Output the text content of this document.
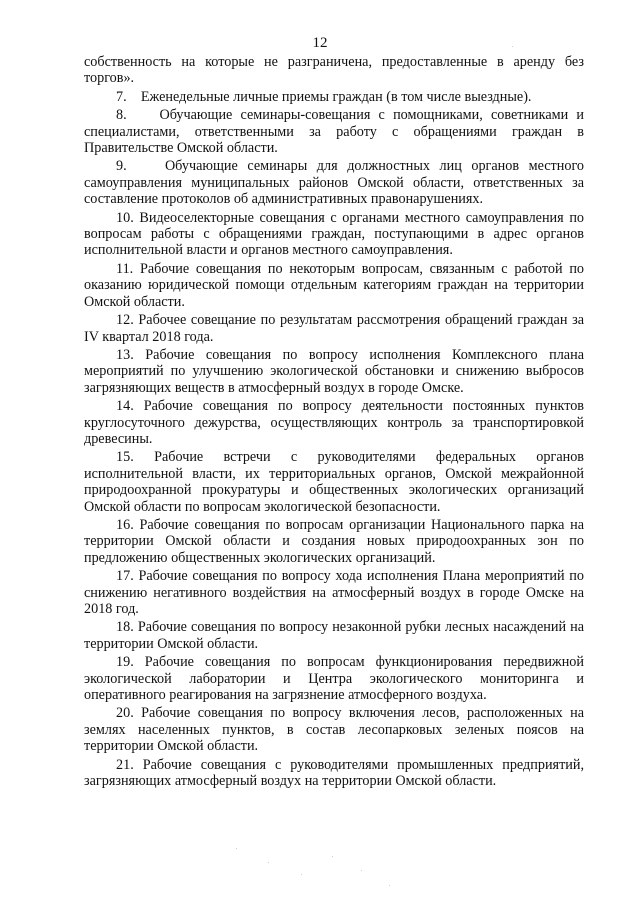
12

собственность на которые не разграничена, предоставленные в аренду без торгов».

7. Еженедельные личные приемы граждан (в том числе выездные).

8. Обучающие семинары-совещания с помощниками, советниками и специалистами, ответственными за работу с обращениями граждан в Правительстве Омской области.

9.	Обучающие семинары для должностных лиц органов местного самоуправления муниципальных районов Омской области, ответственных за составление протоколов об административных правонарушениях.

10. Видеоселекторные совещания с органами местного самоуправления по вопросам работы с обращениями граждан, поступающими в адрес органов исполнительной власти и органов местного самоуправления.

11. Рабочие совещания по некоторым вопросам, связанным с работой по оказанию юридической помощи отдельным категориям граждан на территории Омской области.

12. Рабочее совещание по результатам рассмотрения обращений граждан за IV квартал 2018 года.

13. Рабочие совещания по вопросу исполнения Комплексного плана мероприятий по улучшению экологической обстановки и снижению выбросов загрязняющих веществ в атмосферный воздух в городе Омске.

14. Рабочие совещания по вопросу деятельности постоянных пунктов круглосуточного дежурства, осуществляющих контроль за транспортировкой древесины.

15. Рабочие встречи с руководителями федеральных органов исполнительной власти, их территориальных органов, Омской межрайонной природоохранной прокуратуры и общественных экологических организаций Омской области по вопросам экологической безопасности.

16. Рабочие совещания по вопросам организации Национального парка на территории Омской области и создания новых природоохранных зон по предложению общественных экологических организаций.

17. Рабочие совещания по вопросу хода исполнения Плана мероприятий по снижению негативного воздействия на атмосферный воздух в городе Омске на 2018 год.

18. Рабочие совещания по вопросу незаконной рубки лесных насаждений на территории Омской области.

19. Рабочие совещания по вопросам функционирования передвижной экологической лаборатории и Центра экологического мониторинга и оперативного реагирования на загрязнение атмосферного воздуха.

20. Рабочие совещания по вопросу включения лесов, расположенных на землях населенных пунктов, в состав лесопарковых зеленых поясов на территории Омской области.

21. Рабочие совещания с руководителями промышленных предприятий, загрязняющих атмосферный воздух на территории Омской области.
